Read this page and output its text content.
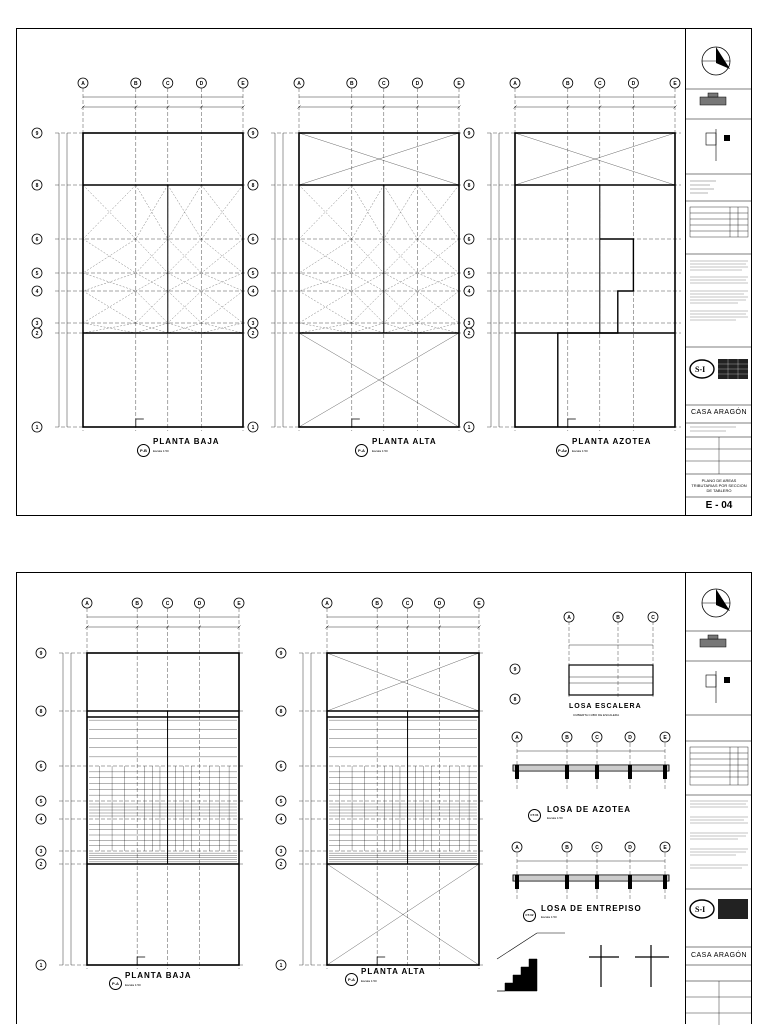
A	B	C	D	E
9
8
6
5
4
3
2
1
A	B	C	D	E
9
8
6
5
4
3
2
1
A	B	C	D	E
9
8
6
5
4
3
2
1
P-B
PLANTA BAJA
Escala 1:50	P-A
PLANTA ALTA
Escala 1:50	P-Az
PLANTA AZOTEA
Escala 1:50
S-I
CASA ARAGÓN
PLANO DE AREAS TRIBUTARIAS POR SECCION DE TABLERO
E - 04
A	B	C	D	E
9
8
6
5
4
3
2
1
A	B	C	D	E
9
8
6
5
4
3
2
1
A	B	C
9
8
A	B	C	D	E
A	B	C	D	E
P-A
PLANTA BAJA
Escala 1:50
P-A
PLANTA ALTA
Escala 1:50
LOSA ESCALERA
CUBIERTA CUBO DE ESCALERA
CT-01
LOSA DE AZOTEA
Escala 1:50
CT-02
LOSA DE ENTREPISO
Escala 1:50
S-I
CASA ARAGÓN
